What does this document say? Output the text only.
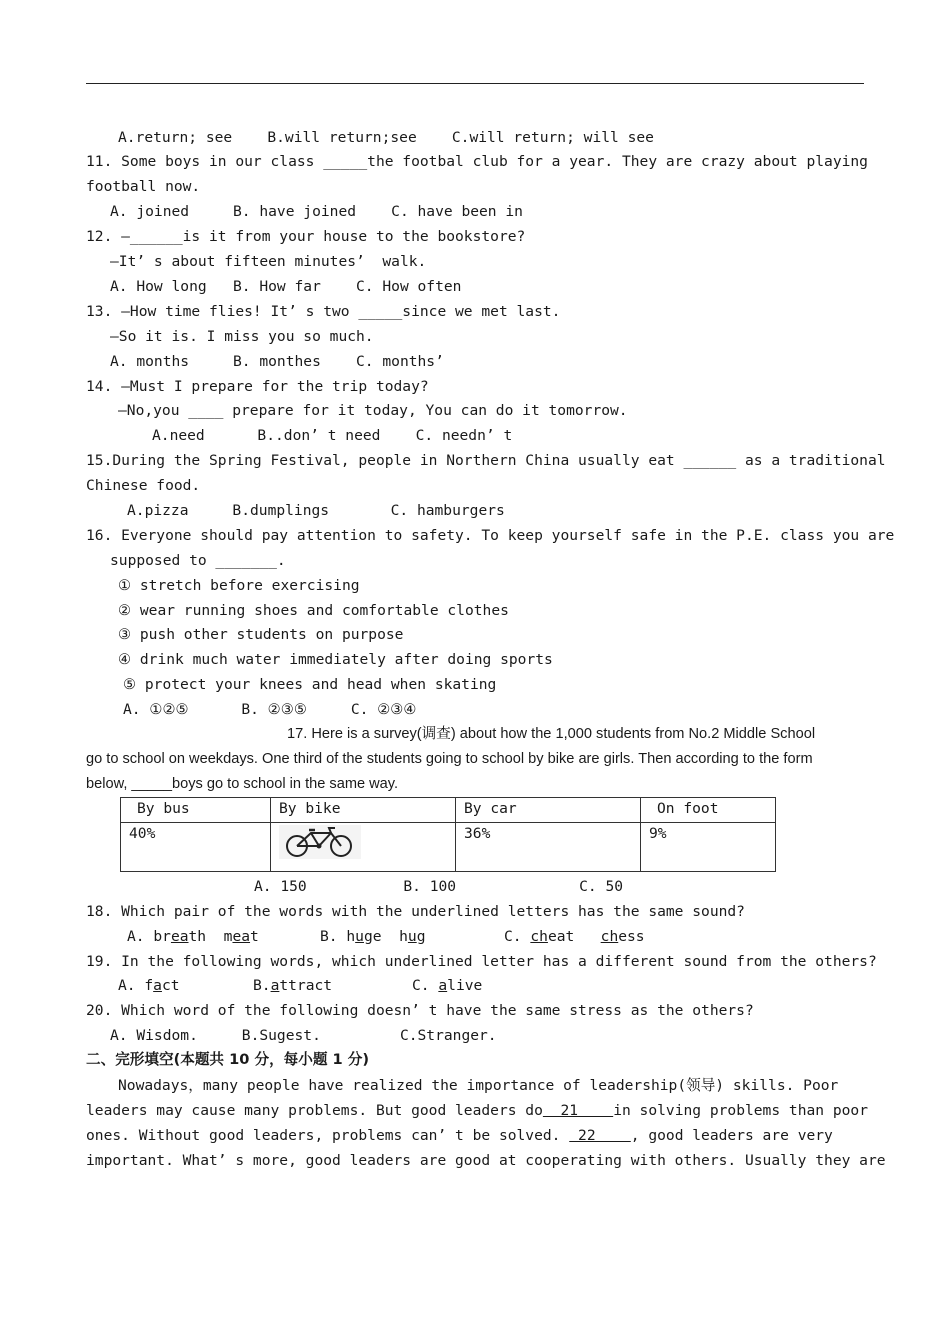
A.return; see    B.will return;see    C.will return; will see
11. Some boys in our class _____the footbal club for a year. They are crazy about playing
football now.
A. joined     B. have joined    C. have been in
12. —______is it from your house to the bookstore?
—It’ s about fifteen minutes’  walk.
A. How long   B. How far    C. How often
13. —How time flies! It’ s two _____since we met last.
—So it is. I miss you so much.
A. months     B. monthes    C. months’
14. —Must I prepare for the trip today?
—No,you ____ prepare for it today, You can do it tomorrow.
A.need      B..don’ t need    C. needn’ t
15.During the Spring Festival, people in Northern China usually eat ______ as a traditional
Chinese food.
A.pizza     B.dumplings       C. hamburgers
16. Everyone should pay attention to safety. To keep yourself safe in the P.E. class you are
supposed to _______.
① stretch before exercising
② wear running shoes and comfortable clothes
③ push other students on purpose
④ drink much water immediately after doing sports
⑤ protect your knees and head when skating
A. ①②⑤      B. ②③⑤     C. ②③④
17. Here is a survey(调查) about how the 1,000 students from No.2 Middle School
go to school on weekdays. One third of the students going to school by bike are girls. Then according to the form
below, _____boys go to school in the same way.
By bus	By bike	By car	On foot
40%		36%	9%
A. 150           B. 100              C. 50
18. Which pair of the words with the underlined letters has the same sound?
A. breath  meat	B. huge  hug	C. cheat   chess
19. In the following words, which underlined letter has a different sound from the others?
A. fact	B.attract	C. alive
20. Which word of the following doesn’ t have the same stress as the others?
A. Wisdom.     B.Sugest.         C.Stranger.
二、完形填空(本题共 10 分，每小题 1 分)
Nowadays，many people have realized the importance of leadership(领导) skills. Poor
leaders may cause many problems. But good leaders do  21    in solving problems than poor
ones. Without good leaders, problems can’ t be solved.  22    , good leaders are very
important. What’ s more, good leaders are good at cooperating with others. Usually they are
